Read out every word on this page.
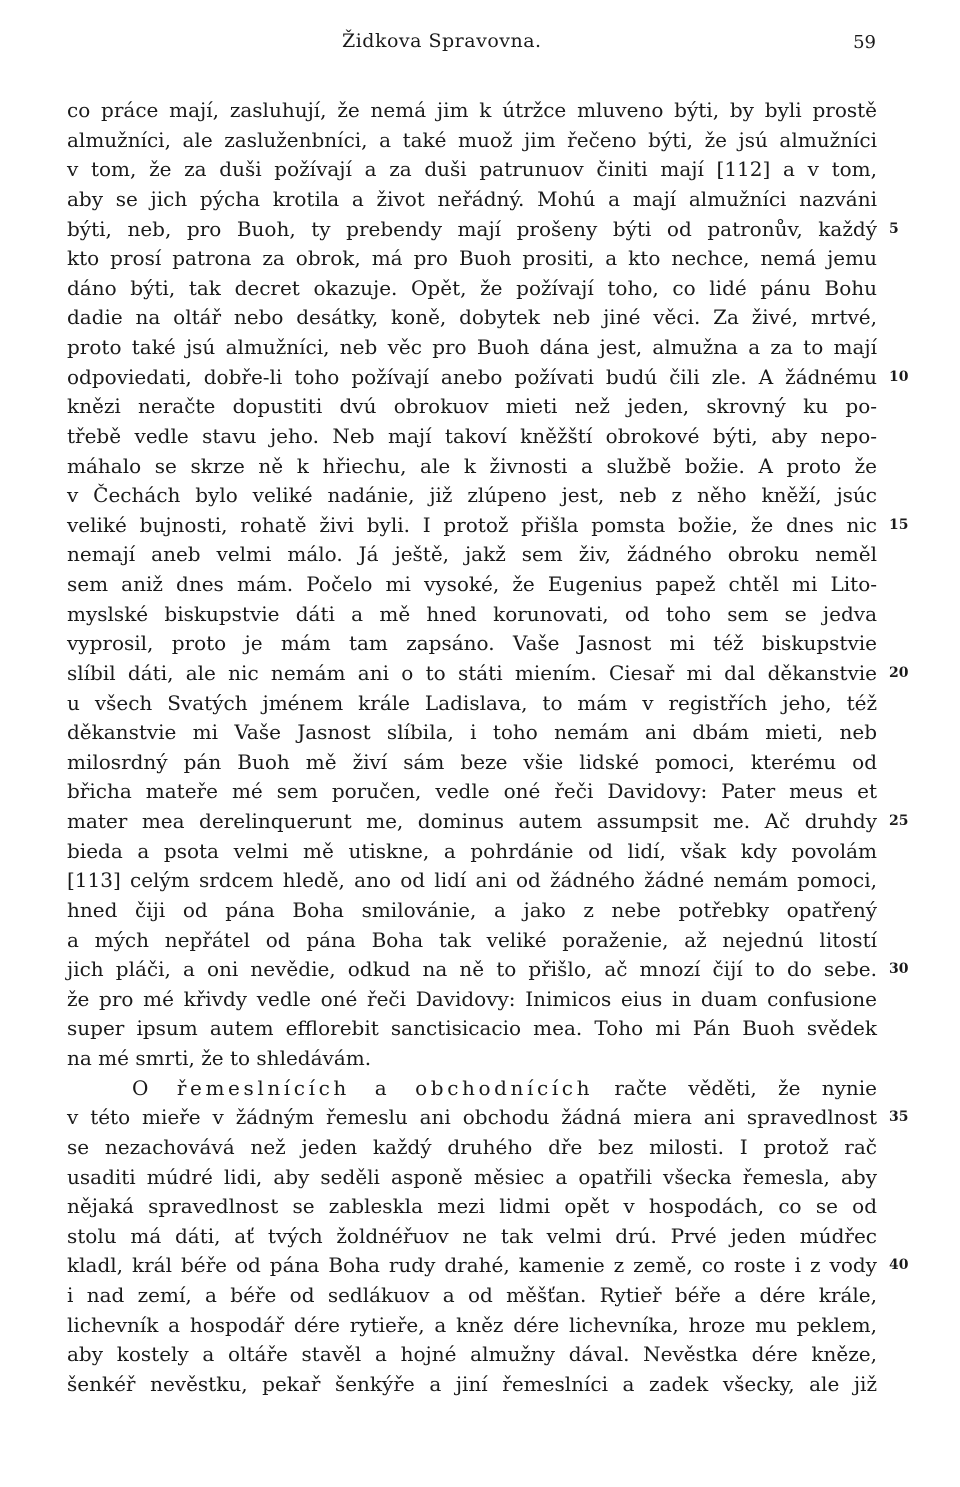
Židkova Spravovna.	59
co práce mají, zasluhují, že nemá jim k útržce mluveno býti, by byli prostě
almužníci, ale zasluženbníci, a také muož jim řečeno býti, že jsú almužníci
v tom, že za duši požívají a za duši patrunuov činiti mají [112] a v tom,
aby se jich pýcha krotila a život neřádný. Mohú a mají almužníci nazváni
býti, neb, pro Buoh, ty prebendy mají prošeny býti od patronův, každý 5
kto prosí patrona za obrok, má pro Buoh prositi, a kto nechce, nemá jemu
dáno býti, tak decret okazuje. Opět, že požívají toho, co lidé pánu Bohu
dadie na oltář nebo desátky, koně, dobytek neb jiné věci. Za živé, mrtvé,
proto také jsú almužníci, neb věc pro Buoh dána jest, almužna a za to mají
odpoviedati, dobře-li toho požívají anebo požívati budú čili zle. A žádnému 10
knězi neračte dopustiti dvú obrokuov mieti než jeden, skrovný ku po-
třebě vedle stavu jeho. Neb mají takoví kněžští obrokové býti, aby nepo-
máhalo se skrze ně k hřiechu, ale k živnosti a službě božie. A proto že
v Čechách bylo veliké nadánie, již zlúpeno jest, neb z něho kněží, jsúc
veliké bujnosti, rohatě živi byli. I protož přišla pomsta božie, že dnes nic 15
nemají aneb velmi málo. Já ještě, jakž sem živ, žádného obroku neměl
sem aniž dnes mám. Počelo mi vysoké, že Eugenius papež chtěl mi Lito-
myslské biskupstvie dáti a mě hned korunovati, od toho sem se jedva
vyprosil, proto je mám tam zapsáno. Vaše Jasnost mi též biskupstvie
slíbil dáti, ale nic nemám ani o to státi miením. Ciesař mi dal děkanstvie 20
u všech Svatých jménem krále Ladislava, to mám v registřích jeho, též
děkanstvie mi Vaše Jasnost slíbila, i toho nemám ani dbám mieti, neb
milosrdný pán Buoh mě živí sám beze všie lidské pomoci, kterému od
břicha mateře mé sem poručen, vedle oné řeči Davidovy: Pater meus et
mater mea derelinquerunt me, dominus autem assumpsit me. Ač druhdy 25
bieda a psota velmi mě utiskne, a pohrdánie od lidí, však kdy povolám
[113] celým srdcem hledě, ano od lidí ani od žádného žádné nemám pomoci,
hned čiji od pána Boha smilovánie, a jako z nebe potřebky opatřený
a mých nepřátel od pána Boha tak veliké poraženie, až nejednú litostí
jich pláči, a oni nevědie, odkud na ně to přišlo, ač mnozí čijí to do sebe. 30
že pro mé křivdy vedle oné řeči Davidovy: Inimicos eius in duam confusione
super ipsum autem efflorebit sanctisicacio mea. Toho mi Pán Buoh svědek
na mé smrti, že to shledávám.
O řemeslnících a obchodnících račte věděti, že nynie
v této mieře v žádným řemeslu ani obchodu žádná miera ani spravedlnost 35
se nezachovává než jeden každý druhého dře bez milosti. I protož rač
usaditi múdré lidi, aby seděli asponě měsiec a opatřili všecka řemesla, aby
nějaká spravedlnost se zableskla mezi lidmi opět v hospodách, co se od
stolu má dáti, ať tvých žoldnéřuov ne tak velmi drú. Prvé jeden múdřec
kladl, král béře od pána Boha rudy drahé, kamenie z země, co roste i z vody 40
i nad zemí, a béře od sedlákuov a od měšťan. Rytieř béře a dére krále,
lichevník a hospodář dére rytieře, a kněz dére lichevníka, hroze mu peklem,
aby kostely a oltáře stavěl a hojné almužny dával. Nevěstka dére kněze,
šenkéř nevěstku, pekař šenkýře a jiní řemeslníci a zadek všecky, ale již
